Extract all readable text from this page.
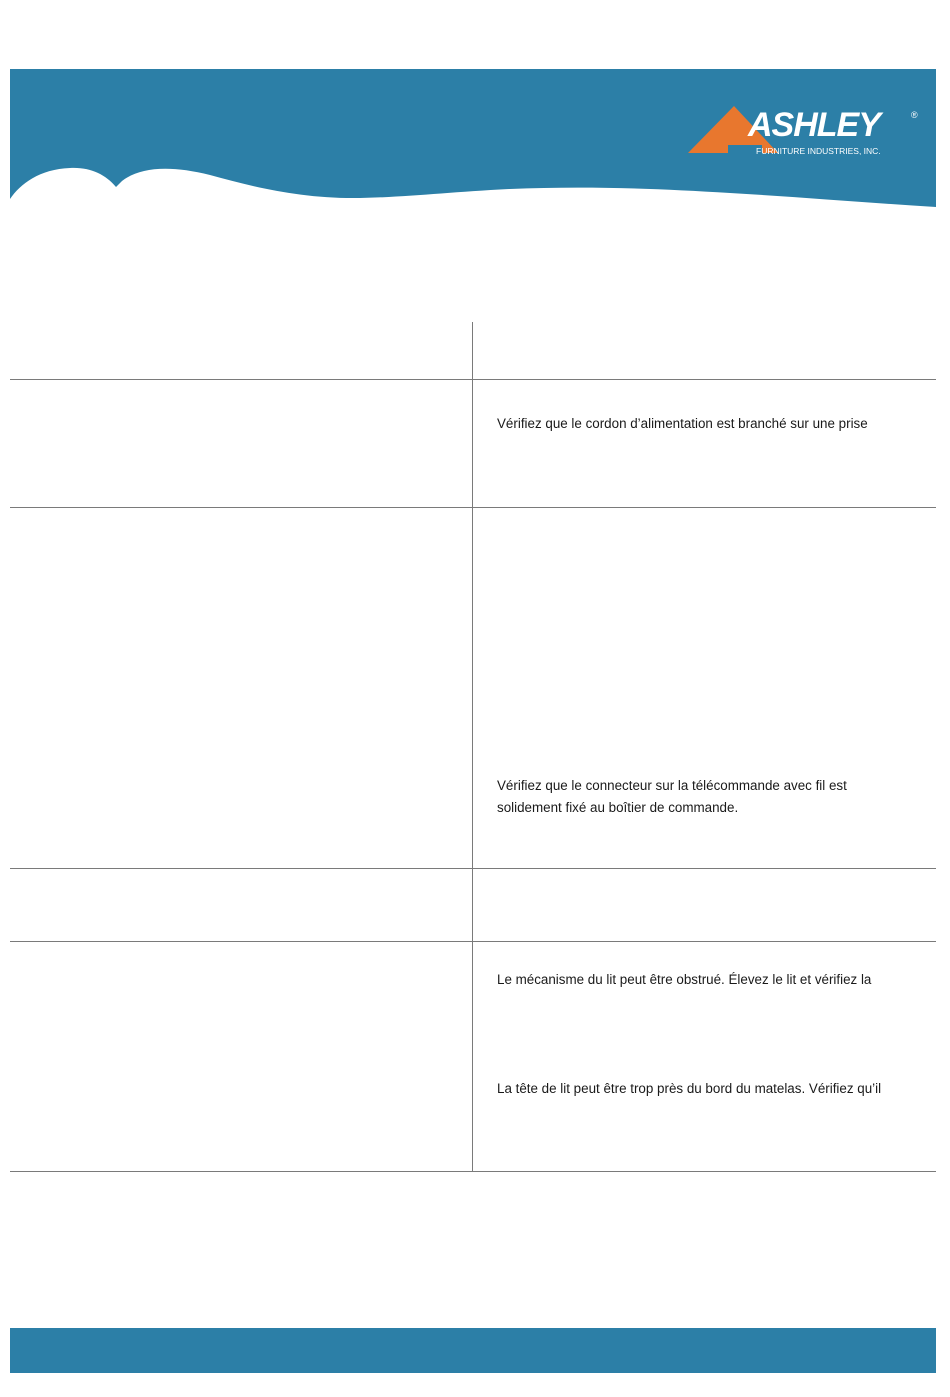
ASHLEY	®
FURNITURE INDUSTRIES, INC.
Vérifiez que le cordon d’alimentation est branché sur une prise
Vérifiez que le connecteur sur la télécommande avec fil est
solidement fixé au boîtier de commande.
Le mécanisme du lit peut être obstrué. Élevez le lit et vérifiez la
La tête de lit peut être trop près du bord du matelas. Vérifiez qu’il
